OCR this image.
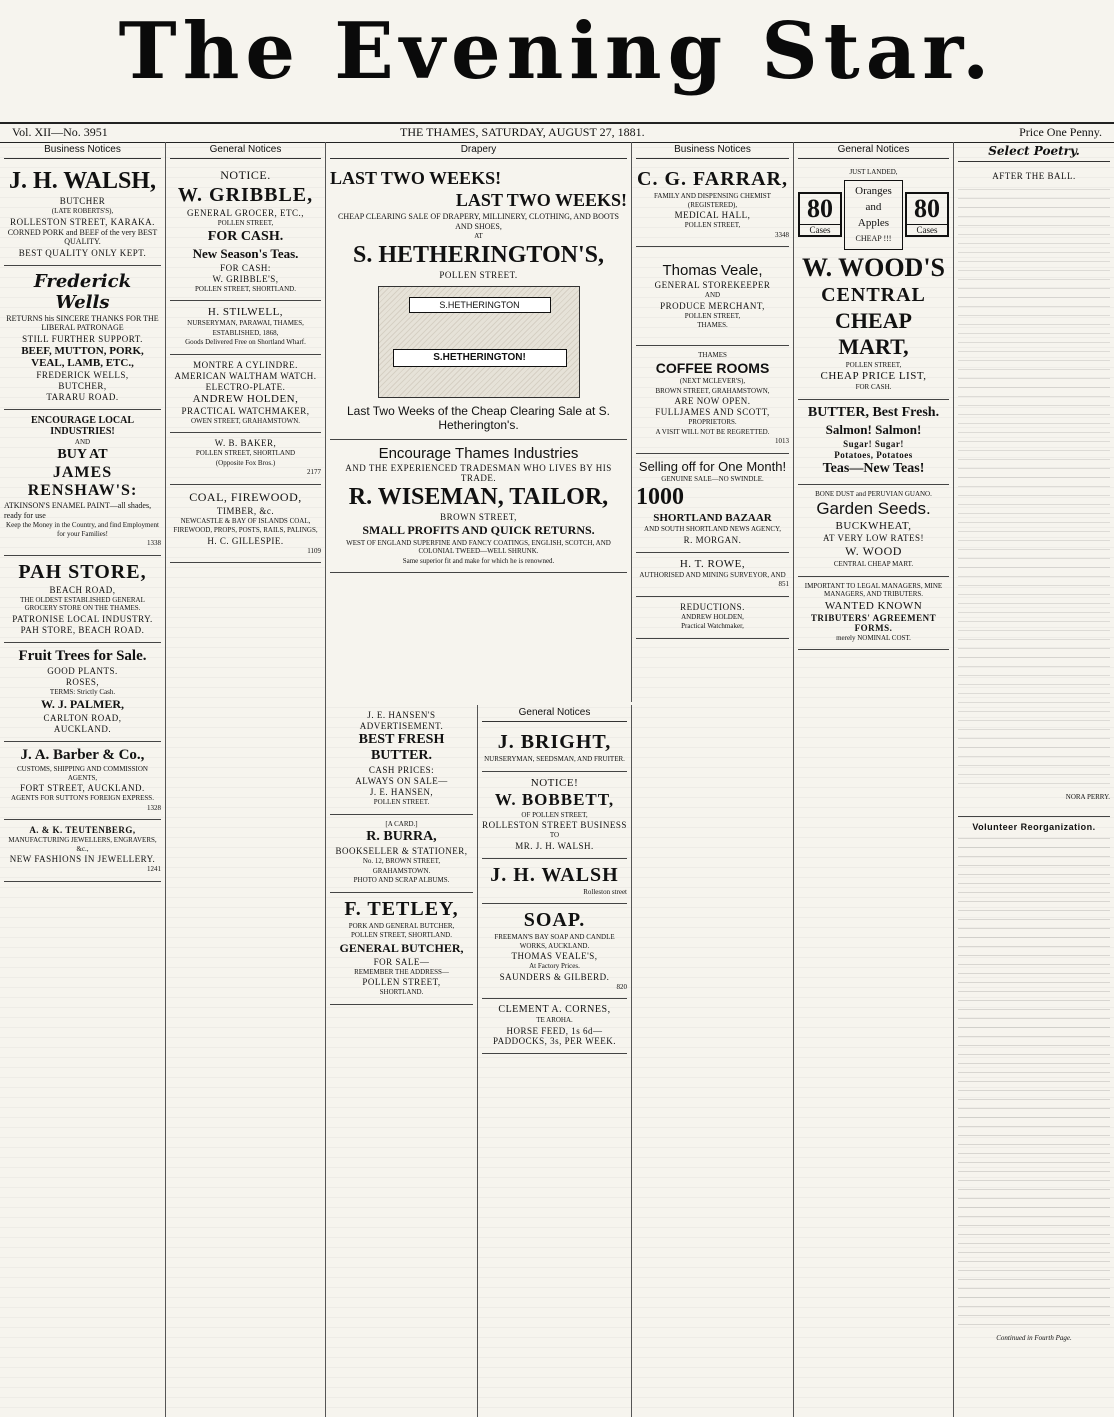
The Evening Star.
Vol. XII—No. 3951	THE THAMES, SATURDAY, AUGUST 27, 1881.	Price One Penny.
Business Notices

J. H. WALSH,

BUTCHER

(LATE ROBERTS'S),

ROLLESTON STREET, KARAKA.

CORNED PORK and BEEF of the very BEST QUALITY.

BEST QUALITY ONLY KEPT.

Frederick Wells

RETURNS his SINCERE THANKS FOR THE LIBERAL PATRONAGE

STILL FURTHER SUPPORT.

BEEF, MUTTON, PORK, VEAL, LAMB, ETC.,

FREDERICK WELLS,

BUTCHER,

TARARU ROAD.

ENCOURAGE LOCAL INDUSTRIES!

AND

BUY AT

JAMES RENSHAW'S:

ATKINSON'S ENAMEL PAINT—all shades, ready for use

Keep the Money in the Country, and find Employment for your Families!

1338

PAH STORE,

BEACH ROAD,

THE OLDEST ESTABLISHED GENERAL GROCERY STORE ON THE THAMES.

PATRONISE LOCAL INDUSTRY.

PAH STORE, BEACH ROAD.

Fruit Trees for Sale.

GOOD PLANTS.

ROSES,

TERMS: Strictly Cash.

W. J. PALMER,

CARLTON ROAD,

AUCKLAND.

J. A. Barber & Co.,

CUSTOMS, SHIPPING AND COMMISSION AGENTS,

FORT STREET, AUCKLAND.

AGENTS FOR SUTTON'S FOREIGN EXPRESS.

1328

A. & K. TEUTENBERG,

MANUFACTURING JEWELLERS, ENGRAVERS, &c.,

NEW FASHIONS IN JEWELLERY.

1241

General Notices

NOTICE.

W. GRIBBLE,

GENERAL GROCER, ETC.,

POLLEN STREET,

FOR CASH.

New Season's Teas.

FOR CASH:

W. GRIBBLE'S,

POLLEN STREET, SHORTLAND.

H. STILWELL,

NURSERYMAN, PARAWAI, THAMES,

ESTABLISHED, 1868,

Goods Delivered Free on Shortland Wharf.

MONTRE A CYLINDRE.

AMERICAN WALTHAM WATCH.

ELECTRO-PLATE.

ANDREW HOLDEN,

PRACTICAL WATCHMAKER,

OWEN STREET, GRAHAMSTOWN.

W. B. BAKER,

POLLEN STREET, SHORTLAND

(Opposite Fox Bros.)

2177

COAL, FIREWOOD,

TIMBER, &c.

NEWCASTLE & BAY OF ISLANDS COAL,

FIREWOOD, PROPS, POSTS, RAILS, PALINGS,

H. C. GILLESPIE.

1109

Drapery

LAST TWO WEEKS!

LAST TWO WEEKS!

CHEAP CLEARING SALE OF DRAPERY, MILLINERY, CLOTHING, AND BOOTS AND SHOES,

AT

S. HETHERINGTON'S,

POLLEN STREET.

S.HETHERINGTON
S.HETHERINGTON!

Last Two Weeks of the Cheap Clearing Sale at S. Hetherington's.

Encourage Thames Industries

AND THE EXPERIENCED TRADESMAN WHO LIVES BY HIS TRADE.

R. WISEMAN, TAILOR,

BROWN STREET,

SMALL PROFITS AND QUICK RETURNS.

WEST OF ENGLAND SUPERFINE AND FANCY COATINGS, ENGLISH, SCOTCH, AND COLONIAL TWEED—WELL SHRUNK.

Same superior fit and make for which he is renowned.

J. E. HANSEN'S

ADVERTISEMENT.

BEST FRESH BUTTER.

CASH PRICES:

ALWAYS ON SALE—

J. E. HANSEN,

POLLEN STREET.

[A CARD.]

R. BURRA,

BOOKSELLER & STATIONER,

No. 12, BROWN STREET,

GRAHAMSTOWN.

PHOTO AND SCRAP ALBUMS.

F. TETLEY,

PORK AND GENERAL BUTCHER,

POLLEN STREET, SHORTLAND.

GENERAL BUTCHER,

FOR SALE—

REMEMBER THE ADDRESS—

POLLEN STREET,

SHORTLAND.

General Notices

J. BRIGHT,

NURSERYMAN, SEEDSMAN, AND FRUITER.

NOTICE!

W. BOBBETT,

OF POLLEN STREET,

ROLLESTON STREET BUSINESS

TO

MR. J. H. WALSH.

J. H. WALSH

Rolleston street

SOAP.

FREEMAN'S BAY SOAP AND CANDLE WORKS, AUCKLAND.

THOMAS VEALE'S,

At Factory Prices.

SAUNDERS & GILBERD.

820

CLEMENT A. CORNES,

TE AROHA.

HORSE FEED, 1s 6d—PADDOCKS, 3s, PER WEEK.

Business Notices

C. G. FARRAR,

FAMILY AND DISPENSING CHEMIST (REGISTERED),

MEDICAL HALL,

POLLEN STREET,

3348

Thomas Veale,

GENERAL STOREKEEPER

AND

PRODUCE MERCHANT,

POLLEN STREET,

THAMES.

THAMES

COFFEE ROOMS

(NEXT MCLEVER'S),

BROWN STREET, GRAHAMSTOWN,

ARE NOW OPEN.

FULLJAMES AND SCOTT,

PROPRIETORS.

A VISIT WILL NOT BE REGRETTED.

1013

Selling off for One Month!

GENUINE SALE—NO SWINDLE.

1000

SHORTLAND BAZAAR

AND SOUTH SHORTLAND NEWS AGENCY,

R. MORGAN.

H. T. ROWE,

AUTHORISED AND MINING SURVEYOR, AND

851

REDUCTIONS.

ANDREW HOLDEN,

Practical Watchmaker,

General Notices

JUST LANDED,

80
Cases
Oranges
and Apples
CHEAP !!!
80
Cases

W. WOOD'S

CENTRAL

CHEAP MART,

POLLEN STREET,

CHEAP PRICE LIST,

FOR CASH.

BUTTER, Best Fresh.

Salmon! Salmon!

Sugar! Sugar!

Potatoes, Potatoes

Teas—New Teas!

BONE DUST and PERUVIAN GUANO.

Garden Seeds.

BUCKWHEAT,

AT VERY LOW RATES!

W. WOOD

CENTRAL CHEAP MART.

IMPORTANT TO LEGAL MANAGERS, MINE MANAGERS, AND TRIBUTERS.

WANTED KNOWN

TRIBUTERS' AGREEMENT FORMS.

merely NOMINAL COST.

Select Poetry.

AFTER THE BALL.

NORA PERRY.

Volunteer Reorganization.

Continued in Fourth Page.
